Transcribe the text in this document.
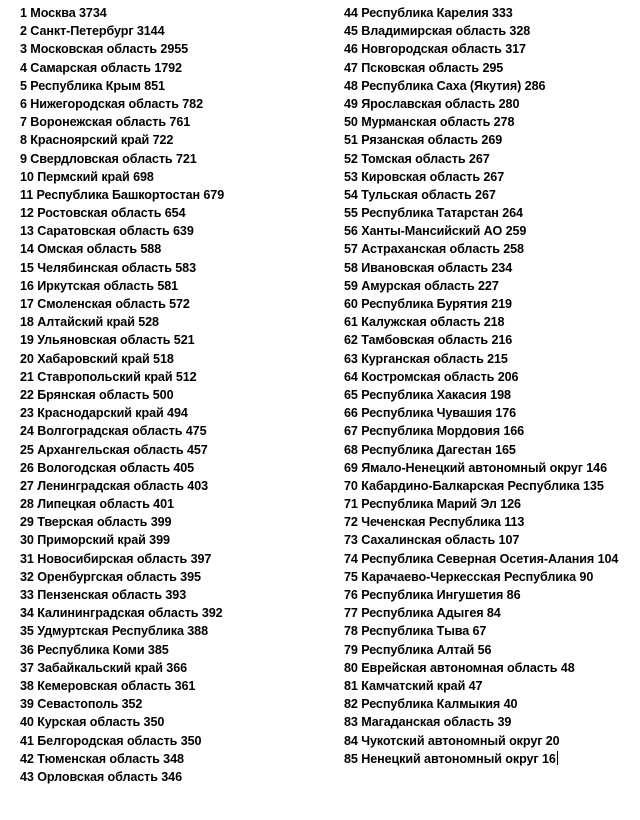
1 Москва 3734
2 Санкт-Петербург 3144
3 Московская область 2955
4 Самарская область 1792
5 Республика Крым 851
6 Нижегородская область 782
7 Воронежская область 761
8 Красноярский край 722
9 Свердловская область 721
10 Пермский край 698
11 Республика Башкортостан 679
12 Ростовская область 654
13 Саратовская область 639
14 Омская область 588
15 Челябинская область 583
16 Иркутская область 581
17 Смоленская область 572
18 Алтайский край 528
19 Ульяновская область 521
20 Хабаровский край 518
21 Ставропольский край 512
22 Брянская область 500
23 Краснодарский край 494
24 Волгоградская область 475
25 Архангельская область 457
26 Вологодская область 405
27 Ленинградская область 403
28 Липецкая область 401
29 Тверская область 399
30 Приморский край 399
31 Новосибирская область 397
32 Оренбургская область 395
33 Пензенская область 393
34 Калининградская область 392
35 Удмуртская Республика 388
36 Республика Коми 385
37 Забайкальский край 366
38 Кемеровская область 361
39 Севастополь 352
40 Курская область 350
41 Белгородская область 350
42 Тюменская область 348
43 Орловская область 346
44 Республика Карелия 333
45 Владимирская область 328
46 Новгородская область 317
47 Псковская область 295
48 Республика Саха (Якутия) 286
49 Ярославская область 280
50 Мурманская область 278
51 Рязанская область 269
52 Томская область 267
53 Кировская область 267
54 Тульская область 267
55 Республика Татарстан 264
56 Ханты-Мансийский АО 259
57 Астраханская область 258
58 Ивановская область 234
59 Амурская область 227
60 Республика Бурятия 219
61 Калужская область 218
62 Тамбовская область 216
63 Курганская область 215
64 Костромская область 206
65 Республика Хакасия 198
66 Республика Чувашия 176
67 Республика Мордовия 166
68 Республика Дагестан 165
69 Ямало-Ненецкий автономный округ 146
70 Кабардино-Балкарская Республика 135
71 Республика Марий Эл 126
72 Чеченская Республика 113
73 Сахалинская область 107
74 Республика Северная Осетия-Алания 104
75 Карачаево-Черкесская Республика 90
76 Республика Ингушетия 86
77 Республика Адыгея 84
78 Республика Тыва 67
79 Республика Алтай 56
80 Еврейская автономная область 48
81 Камчатский край 47
82 Республика Калмыкия 40
83 Магаданская область 39
84 Чукотский автономный округ 20
85 Ненецкий автономный округ 16
